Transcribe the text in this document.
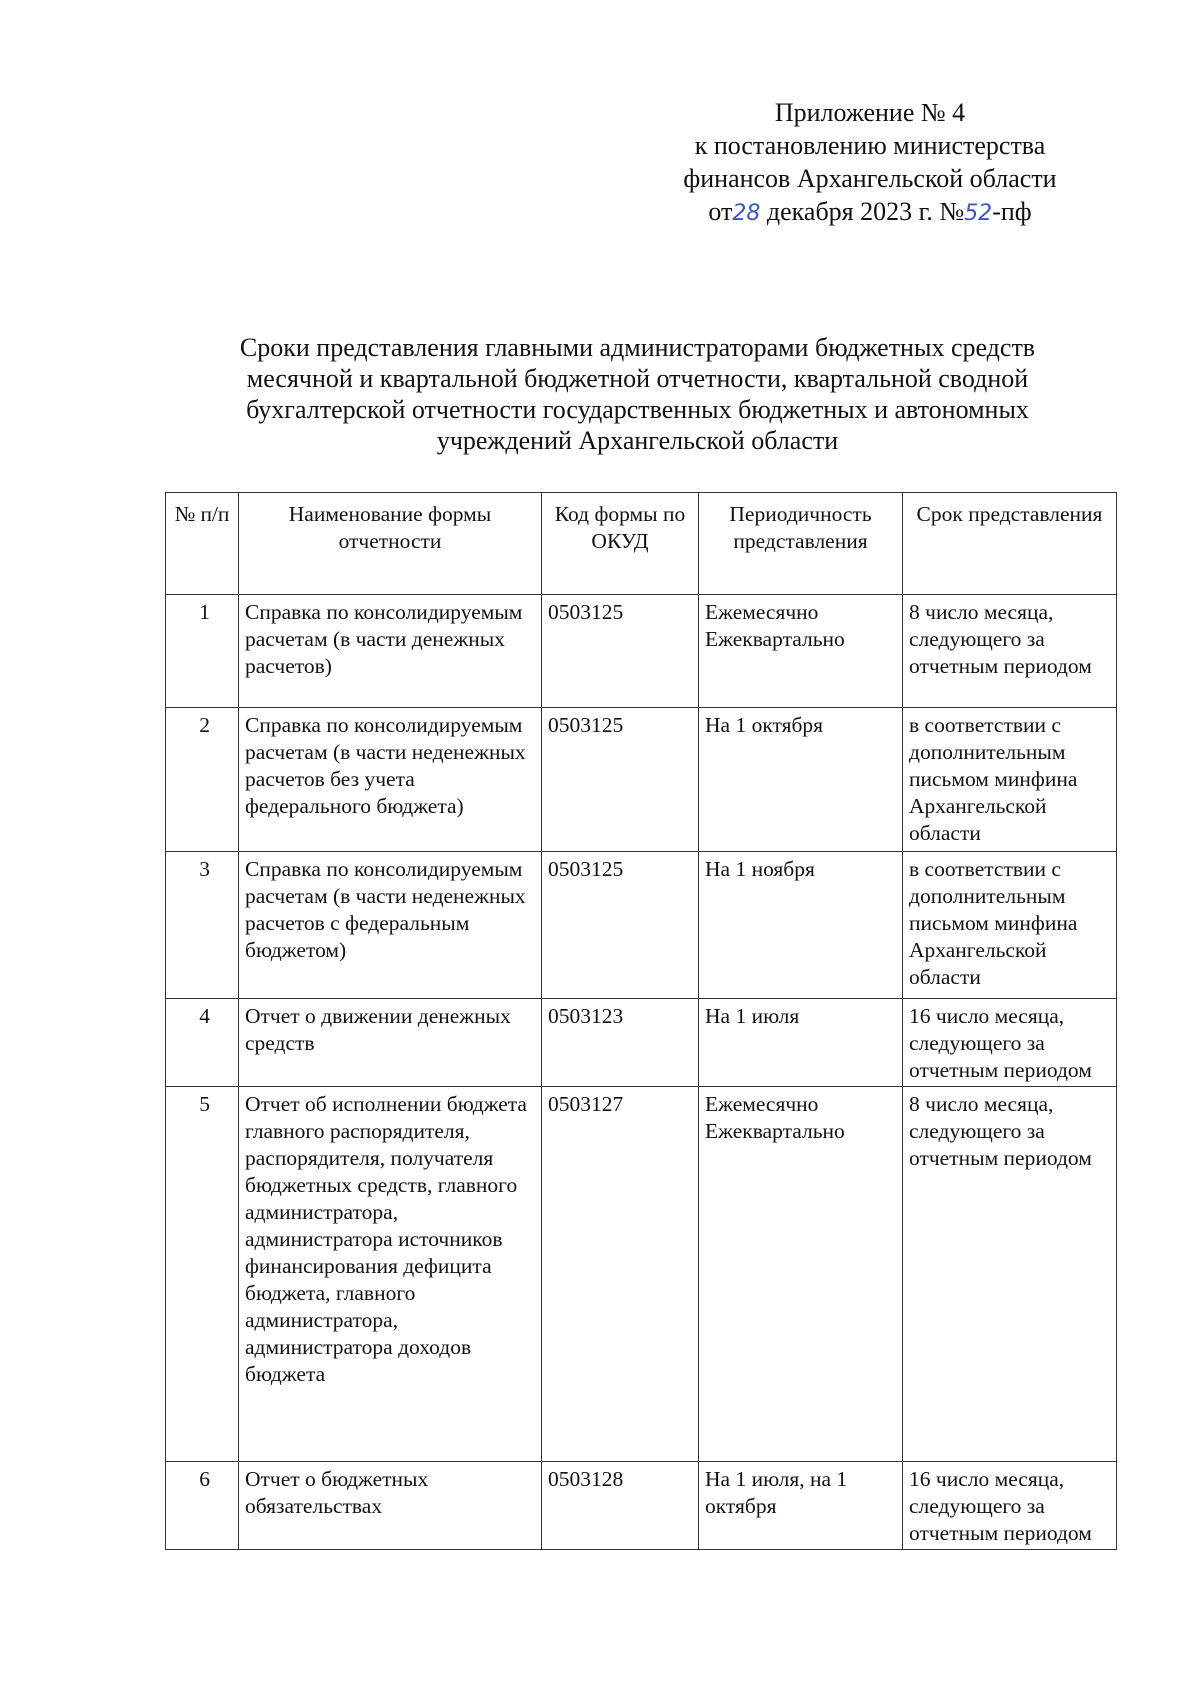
Приложение № 4
к постановлению министерства
финансов Архангельской области
от28 декабря 2023 г. №52-пф
Сроки представления главными администраторами бюджетных средств
месячной и квартальной бюджетной отчетности, квартальной сводной
бухгалтерской отчетности государственных бюджетных и автономных
учреждений Архангельской области
№ п/п	Наименование формы отчетности	Код формы по ОКУД	Периодичность представления	Срок представления
1	Справка по консолидируемым расчетам (в части денежных расчетов)	0503125	Ежемесячно Ежеквартально	8 число месяца, следующего за отчетным периодом
2	Справка по консолидируемым расчетам (в части неденежных расчетов без учета федерального бюджета)	0503125	На 1 октября	в соответствии с дополнительным письмом минфина Архангельской области
3	Справка по консолидируемым расчетам (в части неденежных расчетов с федеральным бюджетом)	0503125	На 1 ноября	в соответствии с дополнительным письмом минфина Архангельской области
4	Отчет о движении денежных средств	0503123	На 1 июля	16 число месяца, следующего за отчетным периодом
5	Отчет об исполнении бюджета главного распорядителя, распорядителя, получателя бюджетных средств, главного администратора, администратора источников финансирования дефицита бюджета, главного администратора, администратора доходов бюджета	0503127	Ежемесячно Ежеквартально	8 число месяца, следующего за отчетным периодом
6	Отчет о бюджетных обязательствах	0503128	На 1 июля, на 1 октября	16 число месяца, следующего за отчетным периодом
